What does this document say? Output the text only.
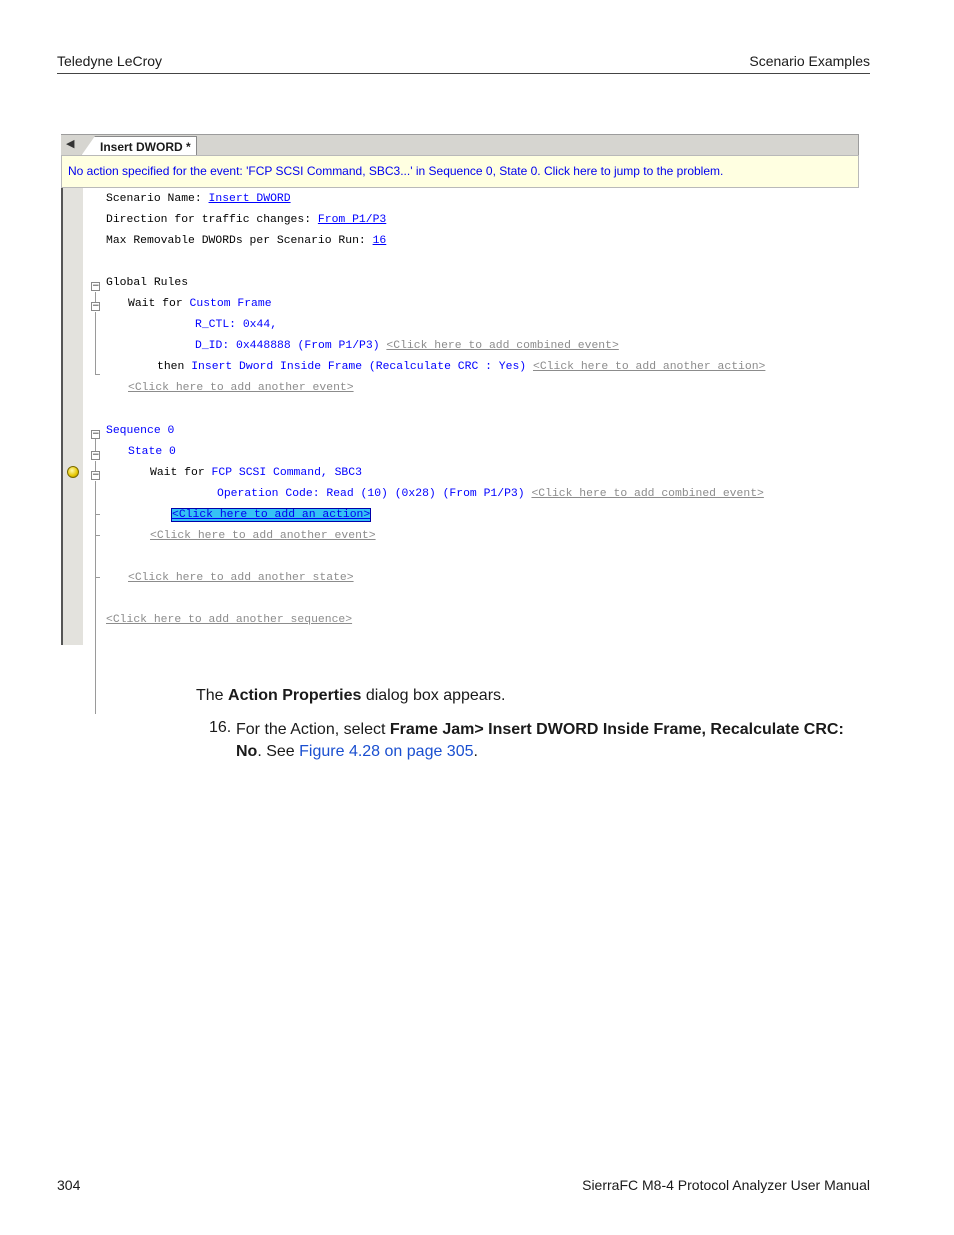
Teledyne LeCroy	Scenario Examples
◀	Insert DWORD *
No action specified for the event: 'FCP SCSI Command, SBC3...' in Sequence 0, State 0. Click here to jump to the problem.
Scenario Name: Insert DWORD
Direction for traffic changes: From P1/P3
Max Removable DWORDs per Scenario Run: 16
− Global Rules
− Wait for Custom Frame
R_CTL: 0x44,
D_ID: 0x448888 (From P1/P3) <Click here to add combined event>
then Insert Dword Inside Frame (Recalculate CRC : Yes) <Click here to add another action>
<Click here to add another event>
− Sequence 0
− State 0
−	Wait for FCP SCSI Command, SBC3
Operation Code: Read (10) (0x28) (From P1/P3) <Click here to add combined event>
<Click here to add an action>
<Click here to add another event>
<Click here to add another state>
<Click here to add another sequence>
The Action Properties dialog box appears.
16. For the Action, select Frame Jam> Insert DWORD Inside Frame, Recalculate CRC: No. See Figure 4.28 on page 305.
304	SierraFC M8-4 Protocol Analyzer User Manual
